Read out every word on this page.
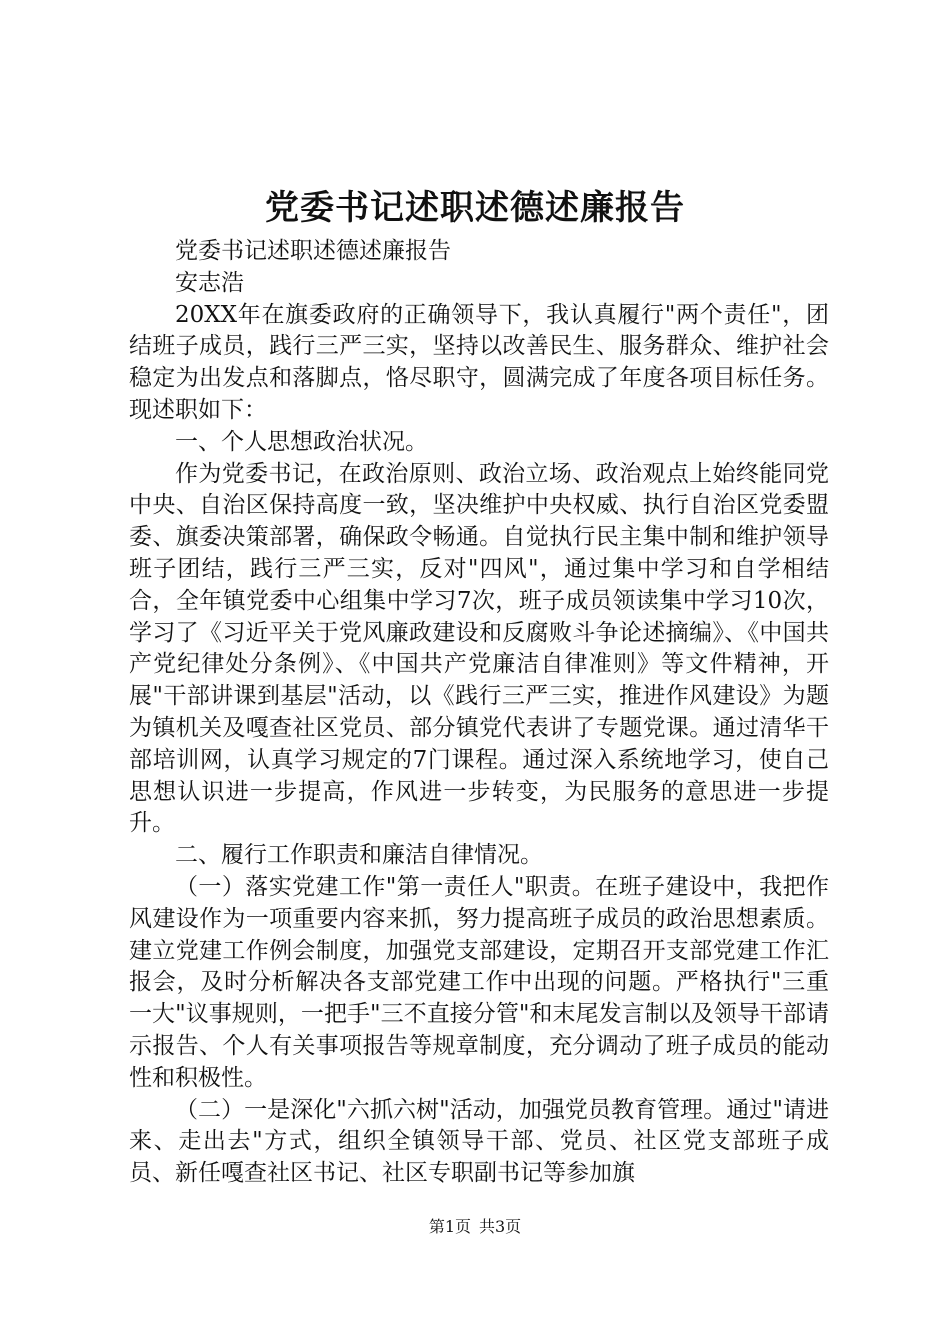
党委书记述职述德述廉报告

党委书记述职述德述廉报告

安志浩

20XX年在旗委政府的正确领导下，我认真履行"两个责任"，团结班子成员，践行三严三实，坚持以改善民生、服务群众、维护社会稳定为出发点和落脚点，恪尽职守，圆满完成了年度各项目标任务。现述职如下：

一、个人思想政治状况。

作为党委书记，在政治原则、政治立场、政治观点上始终能同党中央、自治区保持高度一致，坚决维护中央权威、执行自治区党委盟委、旗委决策部署，确保政令畅通。自觉执行民主集中制和维护领导班子团结，践行三严三实，反对"四风"，通过集中学习和自学相结合，全年镇党委中心组集中学习7次，班子成员领读集中学习10次，学习了《习近平关于党风廉政建设和反腐败斗争论述摘编》、《中国共产党纪律处分条例》、《中国共产党廉洁自律准则》等文件精神，开展"干部讲课到基层"活动，以《践行三严三实，推进作风建设》为题为镇机关及嘎查社区党员、部分镇党代表讲了专题党课。通过清华干部培训网，认真学习规定的7门课程。通过深入系统地学习，使自己思想认识进一步提高，作风进一步转变，为民服务的意思进一步提升。

二、履行工作职责和廉洁自律情况。

（一）落实党建工作"第一责任人"职责。在班子建设中，我把作风建设作为一项重要内容来抓，努力提高班子成员的政治思想素质。建立党建工作例会制度，加强党支部建设，定期召开支部党建工作汇报会，及时分析解决各支部党建工作中出现的问题。严格执行"三重一大"议事规则，一把手"三不直接分管"和末尾发言制以及领导干部请示报告、个人有关事项报告等规章制度，充分调动了班子成员的能动性和积极性。

（二）一是深化"六抓六树"活动，加强党员教育管理。通过"请进来、走出去"方式，组织全镇领导干部、党员、社区党支部班子成员、新任嘎查社区书记、社区专职副书记等参加旗

第1页 共3页
